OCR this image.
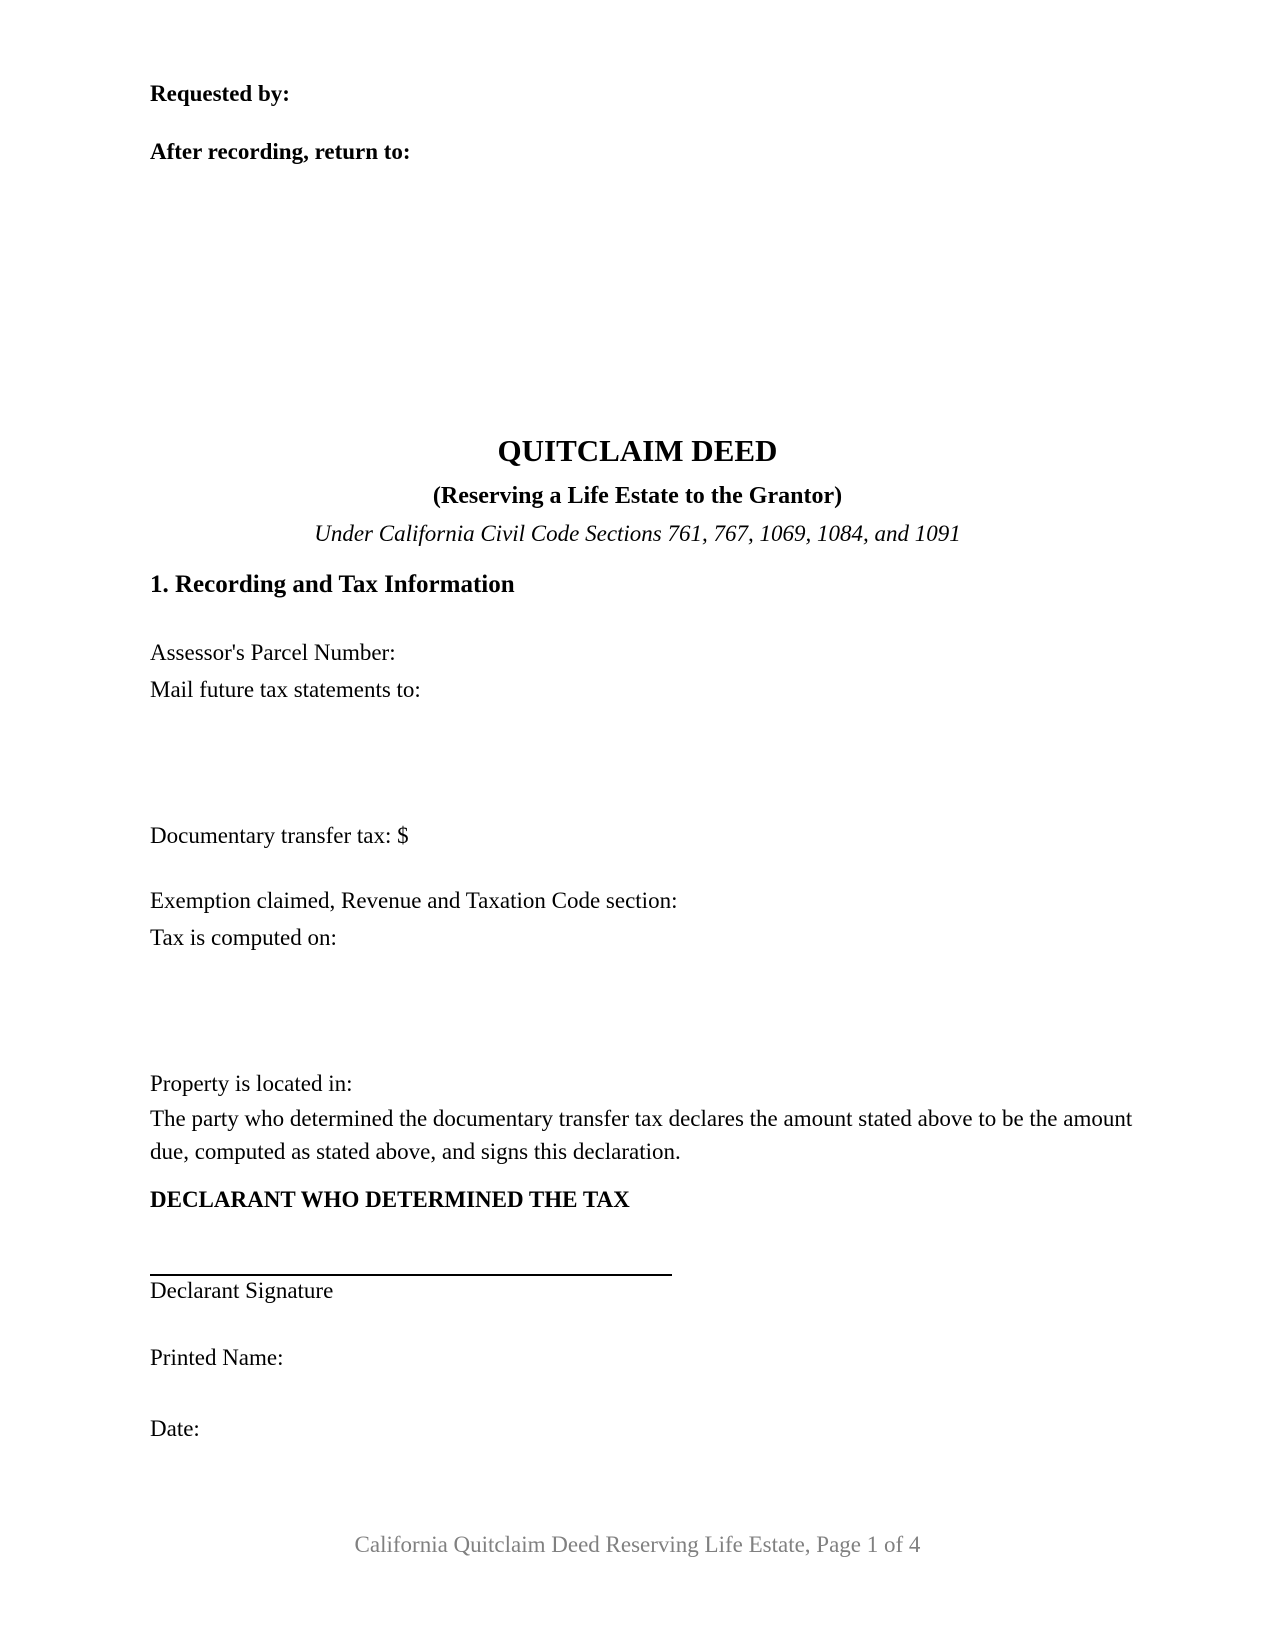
Requested by:
After recording, return to:
QUITCLAIM DEED
(Reserving a Life Estate to the Grantor)
Under California Civil Code Sections 761, 767, 1069, 1084, and 1091
1. Recording and Tax Information
Assessor's Parcel Number:
Mail future tax statements to:
Documentary transfer tax: $
Exemption claimed, Revenue and Taxation Code section:
Tax is computed on:
Property is located in:
The party who determined the documentary transfer tax declares the amount stated above to be the amount due, computed as stated above, and signs this declaration.
DECLARANT WHO DETERMINED THE TAX
Declarant Signature
Printed Name:
Date:
California Quitclaim Deed Reserving Life Estate, Page 1 of 4
